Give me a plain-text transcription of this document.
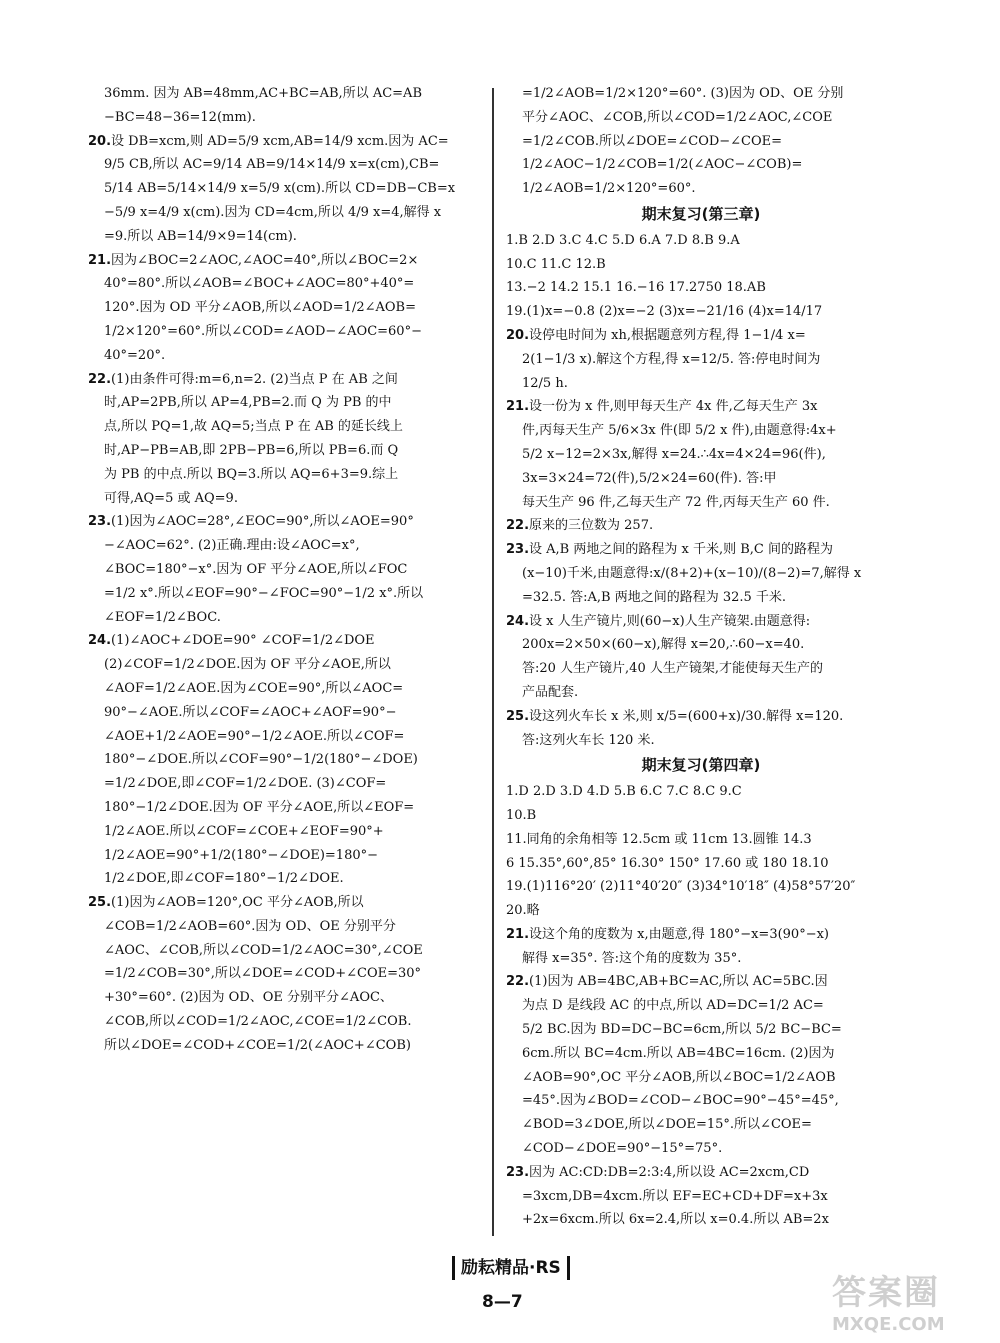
36mm. 因为 AB=48mm,AC+BC=AB,所以 AC=AB
−BC=48−36=12(mm).
20.设 DB=xcm,则 AD=5/9 xcm,AB=14/9 xcm.因为 AC=
9/5 CB,所以 AC=9/14 AB=9/14×14/9 x=x(cm),CB=
5/14 AB=5/14×14/9 x=5/9 x(cm).所以 CD=DB−CB=x
−5/9 x=4/9 x(cm).因为 CD=4cm,所以 4/9 x=4,解得 x
=9.所以 AB=14/9×9=14(cm).
21.因为∠BOC=2∠AOC,∠AOC=40°,所以∠BOC=2×
40°=80°.所以∠AOB=∠BOC+∠AOC=80°+40°=
120°.因为 OD 平分∠AOB,所以∠AOD=1/2∠AOB=
1/2×120°=60°.所以∠COD=∠AOD−∠AOC=60°−
40°=20°.
22.(1)由条件可得:m=6,n=2. (2)当点 P 在 AB 之间
时,AP=2PB,所以 AP=4,PB=2.而 Q 为 PB 的中
点,所以 PQ=1,故 AQ=5;当点 P 在 AB 的延长线上
时,AP−PB=AB,即 2PB−PB=6,所以 PB=6.而 Q
为 PB 的中点.所以 BQ=3.所以 AQ=6+3=9.综上
可得,AQ=5 或 AQ=9.
23.(1)因为∠AOC=28°,∠EOC=90°,所以∠AOE=90°
−∠AOC=62°. (2)正确.理由:设∠AOC=x°,
∠BOC=180°−x°.因为 OF 平分∠AOE,所以∠FOC
=1/2 x°.所以∠EOF=90°−∠FOC=90°−1/2 x°.所以
∠EOF=1/2∠BOC.
24.(1)∠AOC+∠DOE=90° ∠COF=1/2∠DOE
(2)∠COF=1/2∠DOE.因为 OF 平分∠AOE,所以
∠AOF=1/2∠AOE.因为∠COE=90°,所以∠AOC=
90°−∠AOE.所以∠COF=∠AOC+∠AOF=90°−
∠AOE+1/2∠AOE=90°−1/2∠AOE.所以∠COF=
180°−∠DOE.所以∠COF=90°−1/2(180°−∠DOE)
=1/2∠DOE,即∠COF=1/2∠DOE. (3)∠COF=
180°−1/2∠DOE.因为 OF 平分∠AOE,所以∠EOF=
1/2∠AOE.所以∠COF=∠COE+∠EOF=90°+
1/2∠AOE=90°+1/2(180°−∠DOE)=180°−
1/2∠DOE,即∠COF=180°−1/2∠DOE.
25.(1)因为∠AOB=120°,OC 平分∠AOB,所以
∠COB=1/2∠AOB=60°.因为 OD、OE 分别平分
∠AOC、∠COB,所以∠COD=1/2∠AOC=30°,∠COE
=1/2∠COB=30°,所以∠DOE=∠COD+∠COE=30°
+30°=60°. (2)因为 OD、OE 分别平分∠AOC、
∠COB,所以∠COD=1/2∠AOC,∠COE=1/2∠COB.
所以∠DOE=∠COD+∠COE=1/2(∠AOC+∠COB)
=1/2∠AOB=1/2×120°=60°. (3)因为 OD、OE 分别
平分∠AOC、∠COB,所以∠COD=1/2∠AOC,∠COE
=1/2∠COB.所以∠DOE=∠COD−∠COE=
1/2∠AOC−1/2∠COB=1/2(∠AOC−∠COB)=
1/2∠AOB=1/2×120°=60°.
期末复习(第三章)
1.B 2.D 3.C 4.C 5.D 6.A 7.D 8.B 9.A
10.C 11.C 12.B
13.−2 14.2 15.1 16.−16 17.2750 18.AB
19.(1)x=−0.8 (2)x=−2 (3)x=−21/16 (4)x=14/17
20.设停电时间为 xh,根据题意列方程,得 1−1/4 x=
2(1−1/3 x).解这个方程,得 x=12/5. 答:停电时间为
12/5 h.
21.设一份为 x 件,则甲每天生产 4x 件,乙每天生产 3x
件,丙每天生产 5/6×3x 件(即 5/2 x 件),由题意得:4x+
5/2 x−12=2×3x,解得 x=24.∴4x=4×24=96(件),
3x=3×24=72(件),5/2×24=60(件). 答:甲
每天生产 96 件,乙每天生产 72 件,丙每天生产 60 件.
22.原来的三位数为 257.
23.设 A,B 两地之间的路程为 x 千米,则 B,C 间的路程为
(x−10)千米,由题意得:x/(8+2)+(x−10)/(8−2)=7,解得 x
=32.5. 答:A,B 两地之间的路程为 32.5 千米.
24.设 x 人生产镜片,则(60−x)人生产镜架.由题意得:
200x=2×50×(60−x),解得 x=20,∴60−x=40.
答:20 人生产镜片,40 人生产镜架,才能使每天生产的
产品配套.
25.设这列火车长 x 米,则 x/5=(600+x)/30.解得 x=120.
答:这列火车长 120 米.
期末复习(第四章)
1.D 2.D 3.D 4.D 5.B 6.C 7.C 8.C 9.C
10.B
11.同角的余角相等 12.5cm 或 11cm 13.圆锥 14.3
6 15.35°,60°,85° 16.30° 150° 17.60 或 180 18.10
19.(1)116°20′ (2)11°40′20″ (3)34°10′18″ (4)58°57′20″
20.略
21.设这个角的度数为 x,由题意,得 180°−x=3(90°−x)
解得 x=35°. 答:这个角的度数为 35°.
22.(1)因为 AB=4BC,AB+BC=AC,所以 AC=5BC.因
为点 D 是线段 AC 的中点,所以 AD=DC=1/2 AC=
5/2 BC.因为 BD=DC−BC=6cm,所以 5/2 BC−BC=
6cm.所以 BC=4cm.所以 AB=4BC=16cm. (2)因为
∠AOB=90°,OC 平分∠AOB,所以∠BOC=1/2∠AOB
=45°.因为∠BOD=∠COD−∠BOC=90°−45°=45°,
∠BOD=3∠DOE,所以∠DOE=15°.所以∠COE=
∠COD−∠DOE=90°−15°=75°.
23.因为 AC:CD:DB=2:3:4,所以设 AC=2xcm,CD
=3xcm,DB=4xcm.所以 EF=EC+CD+DF=x+3x
+2x=6xcm.所以 6x=2.4,所以 x=0.4.所以 AB=2x
励耘精品·RS
8—7	答案圈
MXQE.COM
